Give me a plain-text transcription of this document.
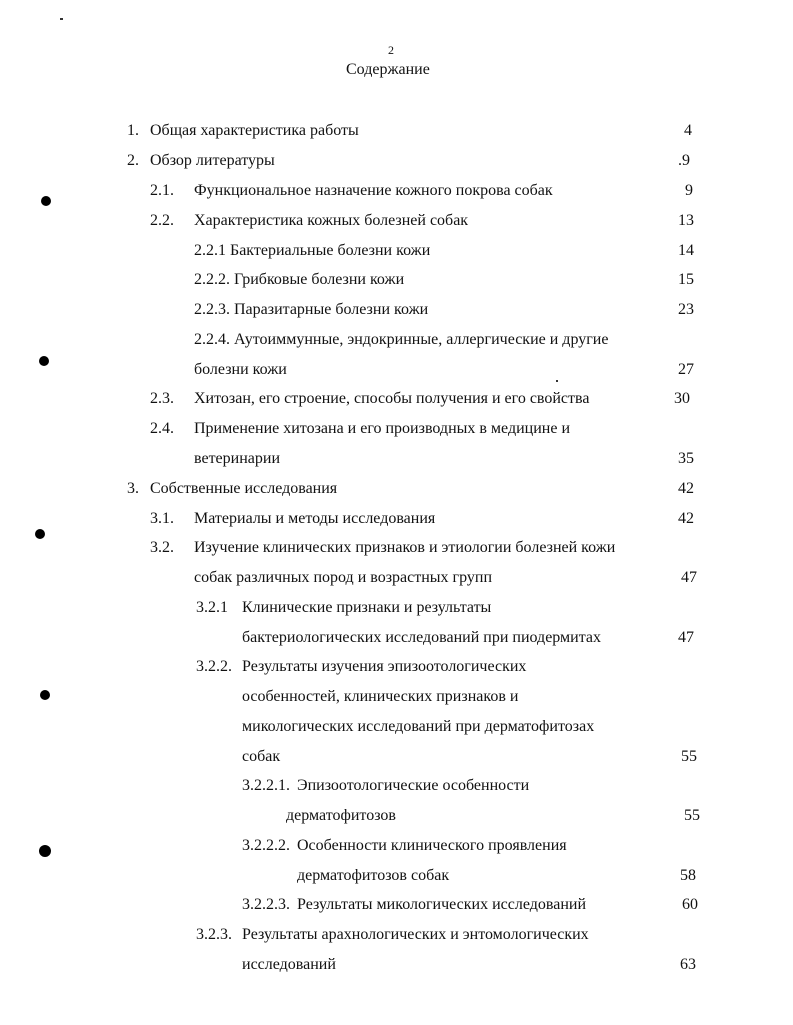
2
Содержание
1. Общая характеристика работы	4
2. Обзор литературы	.9
2.1. Функциональное назначение кожного покрова собак	9
2.2. Характеристика кожных болезней собак	13
2.2.1 Бактериальные болезни кожи	14
2.2.2. Грибковые болезни кожи	15
2.2.3. Паразитарные болезни кожи	23
2.2.4. Аутоиммунные, эндокринные, аллергические и другие
болезни кожи	27
2.3. Хитозан, его строение, способы получения и его свойства	30
2.4. Применение хитозана и его производных в медицине и
ветеринарии	35
3. Собственные исследования	42
3.1. Материалы и методы исследования	42
3.2. Изучение клинических признаков и этиологии болезней кожи
собак различных пород и возрастных групп	47
3.2.1 Клинические признаки и результаты
бактериологических исследований при пиодермитах	47
3.2.2. Результаты изучения эпизоотологических
особенностей, клинических признаков и
микологических исследований при дерматофитозах
собак	55
3.2.2.1. Эпизоотологические особенности
дерматофитозов	55
3.2.2.2. Особенности клинического проявления
дерматофитозов собак	58
3.2.2.3. Результаты микологических исследований	60
3.2.3. Результаты арахнологических и энтомологических
исследований	63
